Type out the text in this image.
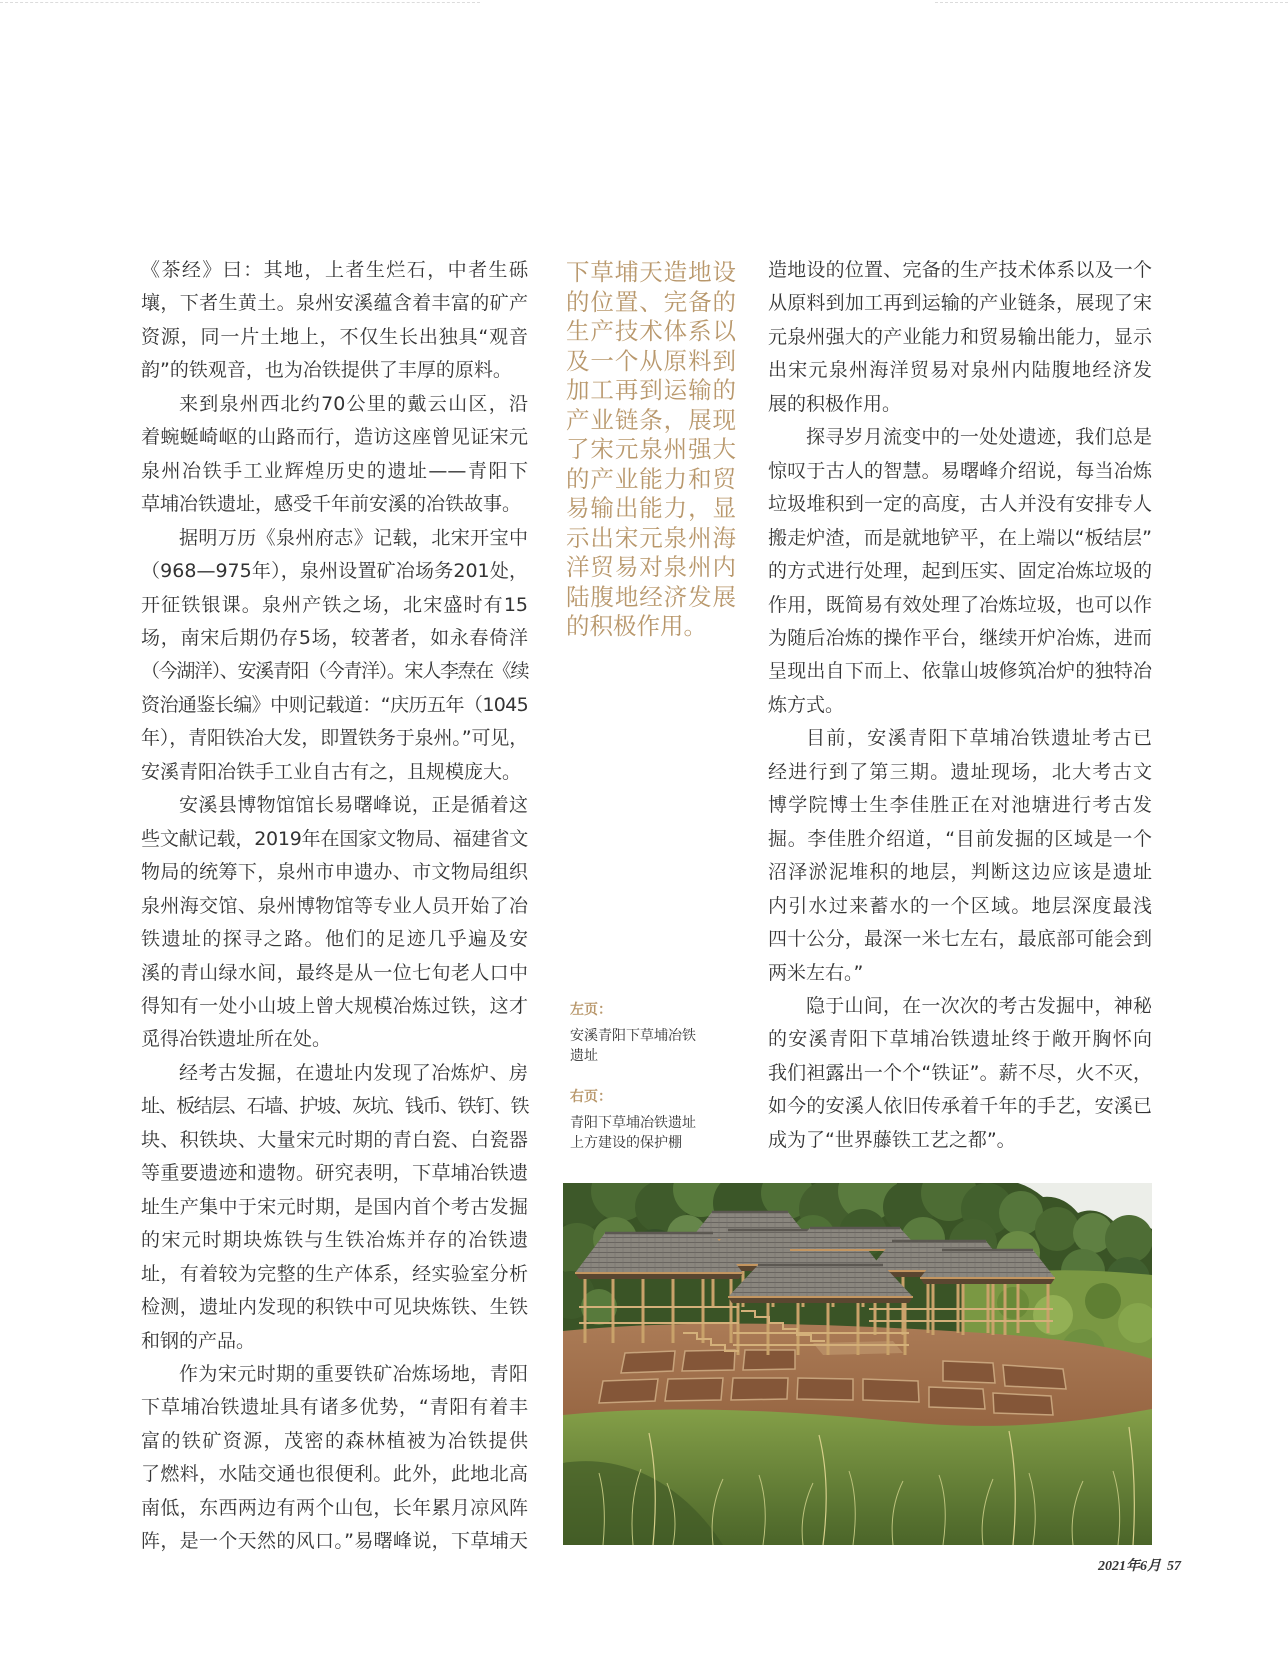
《茶经》曰：其地，上者生烂石，中者生砾
壤，下者生黄土。泉州安溪蕴含着丰富的矿产
资源，同一片土地上，不仅生长出独具“观音
韵”的铁观音，也为冶铁提供了丰厚的原料。

来到泉州西北约70公里的戴云山区，沿
着蜿蜒崎岖的山路而行，造访这座曾见证宋元
泉州冶铁手工业辉煌历史的遗址——青阳下
草埔冶铁遗址，感受千年前安溪的冶铁故事。

据明万历《泉州府志》记载，北宋开宝中
（968—975年），泉州设置矿冶场务201处，
开征铁银课。泉州产铁之场，北宋盛时有15
场，南宋后期仍存5场，较著者，如永春倚洋
（今湖洋）、安溪青阳（今青洋）。宋人李焘在《续
资治通鉴长编》中则记载道：“庆历五年（1045
年），青阳铁冶大发，即置铁务于泉州。”可见，
安溪青阳冶铁手工业自古有之，且规模庞大。

安溪县博物馆馆长易曙峰说，正是循着这
些文献记载，2019年在国家文物局、福建省文
物局的统筹下，泉州市申遗办、市文物局组织
泉州海交馆、泉州博物馆等专业人员开始了冶
铁遗址的探寻之路。他们的足迹几乎遍及安
溪的青山绿水间，最终是从一位七旬老人口中
得知有一处小山坡上曾大规模冶炼过铁，这才
觅得冶铁遗址所在处。

经考古发掘，在遗址内发现了冶炼炉、房
址、板结层、石墙、护坡、灰坑、钱币、铁钉、铁
块、积铁块、大量宋元时期的青白瓷、白瓷器
等重要遗迹和遗物。研究表明，下草埔冶铁遗
址生产集中于宋元时期，是国内首个考古发掘
的宋元时期块炼铁与生铁冶炼并存的冶铁遗
址，有着较为完整的生产体系，经实验室分析
检测，遗址内发现的积铁中可见块炼铁、生铁
和钢的产品。

作为宋元时期的重要铁矿冶炼场地，青阳
下草埔冶铁遗址具有诸多优势，“青阳有着丰
富的铁矿资源，茂密的森林植被为冶铁提供
了燃料，水陆交通也很便利。此外，此地北高
南低，东西两边有两个山包，长年累月凉风阵
阵，是一个天然的风口。”易曙峰说，下草埔天

下草埔天造地设
的位置、完备的
生产技术体系以
及一个从原料到
加工再到运输的
产业链条，展现
了宋元泉州强大
的产业能力和贸
易输出能力，显
示出宋元泉州海
洋贸易对泉州内
陆腹地经济发展
的积极作用。

造地设的位置、完备的生产技术体系以及一个
从原料到加工再到运输的产业链条，展现了宋
元泉州强大的产业能力和贸易输出能力，显示
出宋元泉州海洋贸易对泉州内陆腹地经济发
展的积极作用。

探寻岁月流变中的一处处遗迹，我们总是
惊叹于古人的智慧。易曙峰介绍说，每当冶炼
垃圾堆积到一定的高度，古人并没有安排专人
搬走炉渣，而是就地铲平，在上端以“板结层”
的方式进行处理，起到压实、固定冶炼垃圾的
作用，既简易有效处理了冶炼垃圾，也可以作
为随后冶炼的操作平台，继续开炉冶炼，进而
呈现出自下而上、依靠山坡修筑冶炉的独特冶
炼方式。

目前，安溪青阳下草埔冶铁遗址考古已
经进行到了第三期。遗址现场，北大考古文
博学院博士生李佳胜正在对池塘进行考古发
掘。李佳胜介绍道，“目前发掘的区域是一个
沼泽淤泥堆积的地层，判断这边应该是遗址
内引水过来蓄水的一个区域。地层深度最浅
四十公分，最深一米七左右，最底部可能会到
两米左右。”

隐于山间，在一次次的考古发掘中，神秘
的安溪青阳下草埔冶铁遗址终于敞开胸怀向
我们袒露出一个个“铁证”。薪不尽，火不灭，
如今的安溪人依旧传承着千年的手艺，安溪已
成为了“世界藤铁工艺之都”。

左页：
安溪青阳下草埔冶铁
遗址
右页：
青阳下草埔冶铁遗址
上方建设的保护棚
2021年6月 57
